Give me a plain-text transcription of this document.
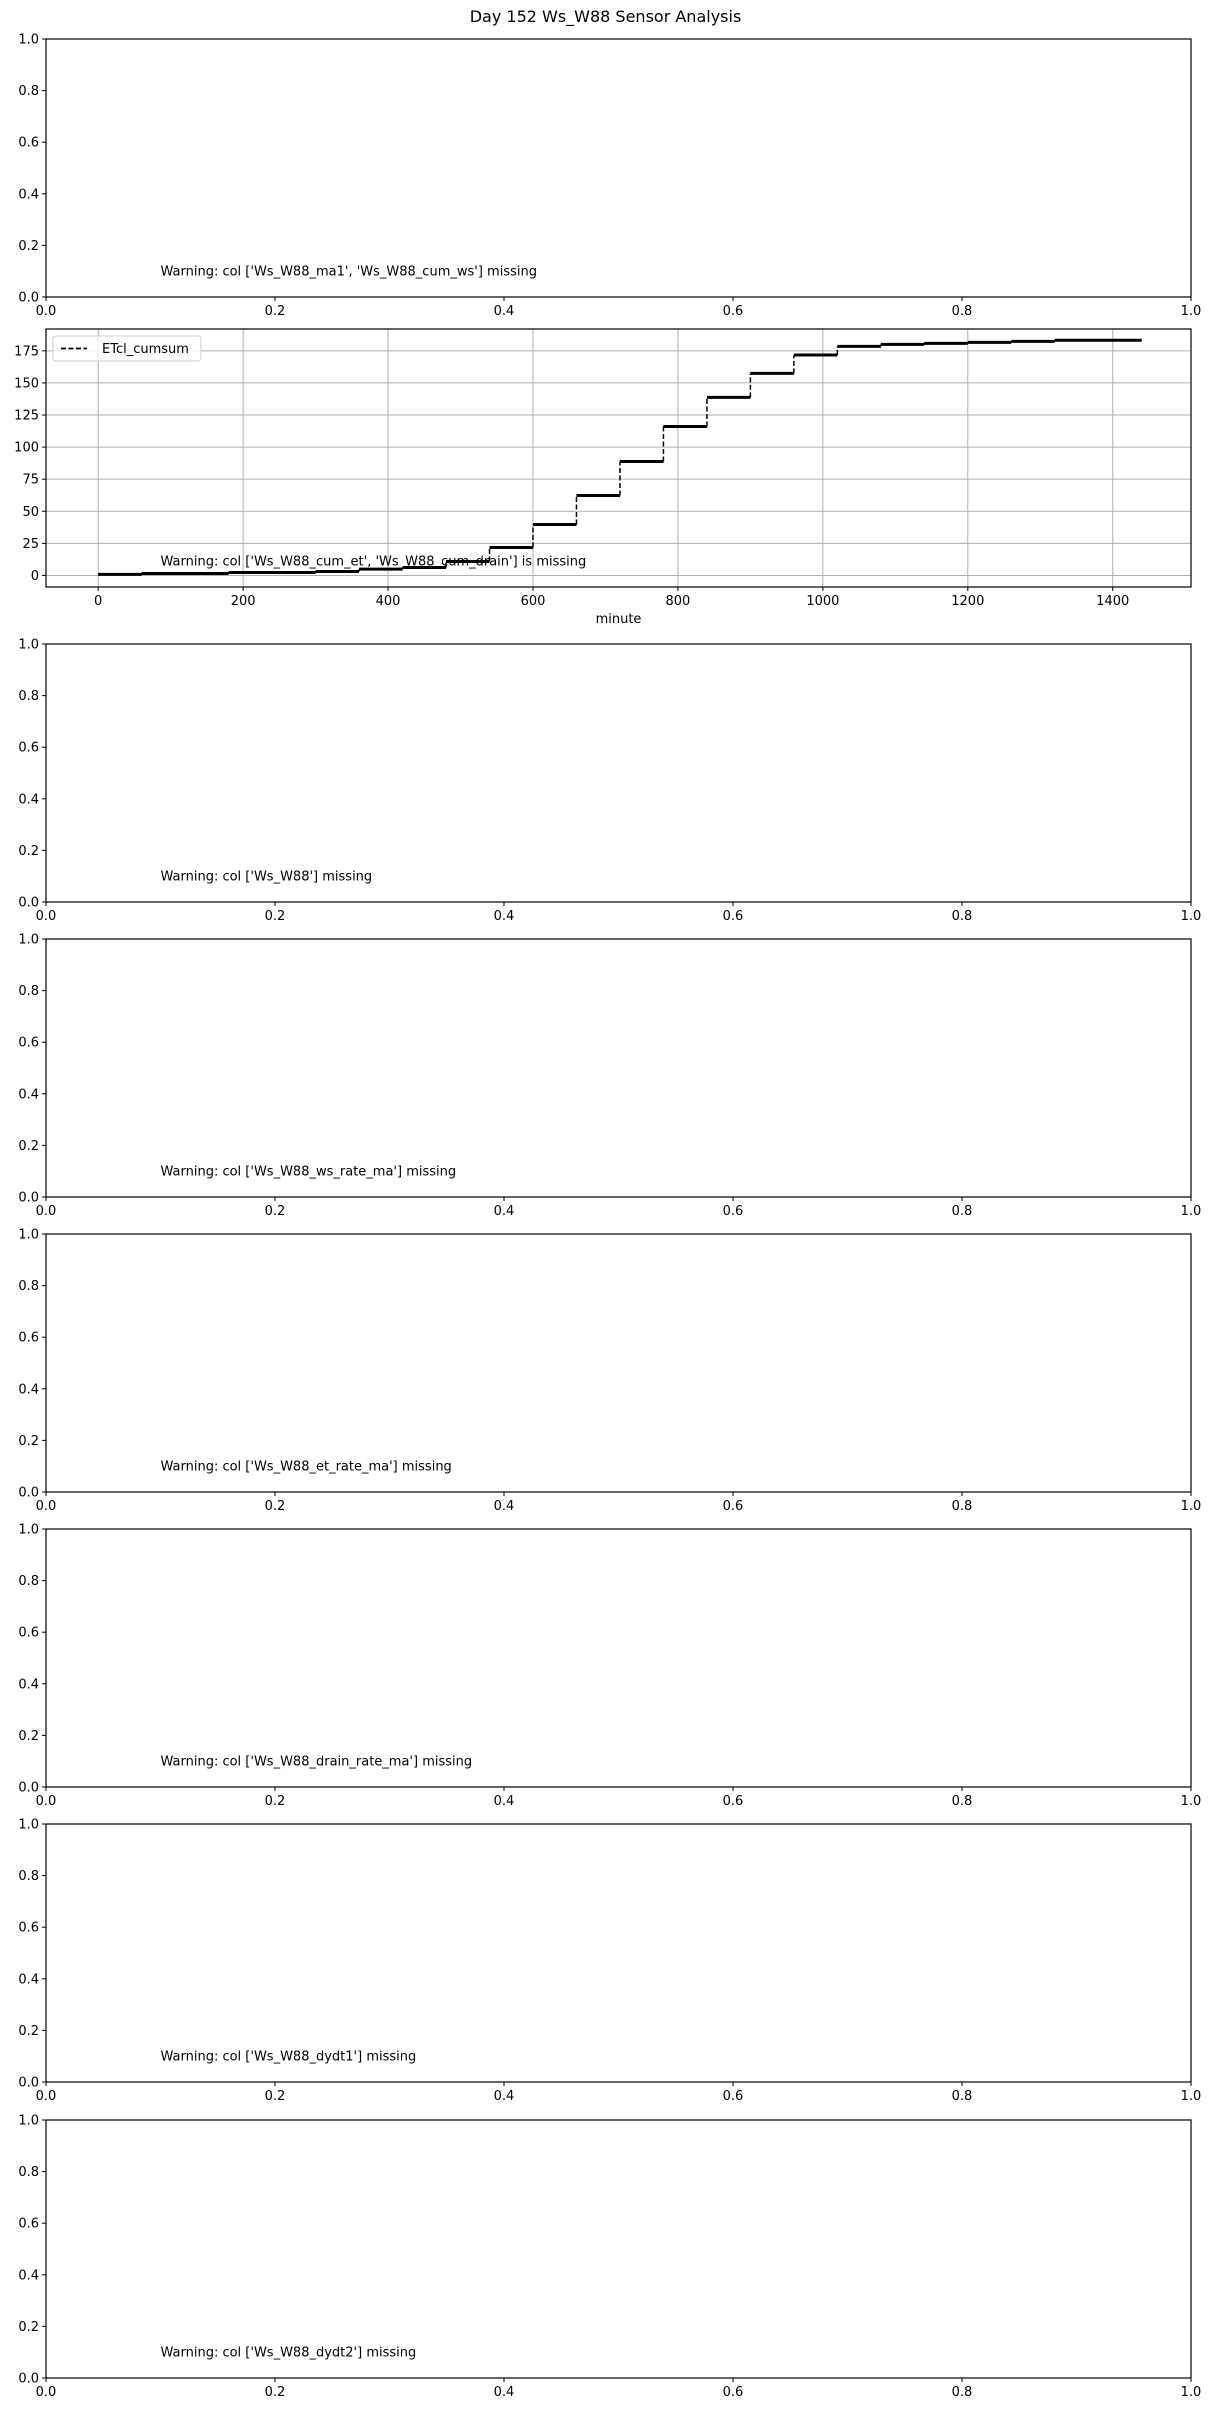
Day 152 Ws_W88 Sensor Analysis
0.0	0.2	0.4	0.6	0.8	1.0
0.0
0.2
0.4
0.6
0.8
1.0
Warning: col ['Ws_W88_ma1', 'Ws_W88_cum_ws'] missing
0	200	400	600	800	1000	1200	1400
0
25
50
75
100
125
150
175
Warning: col ['Ws_W88_cum_et', 'Ws_W88_cum_drain'] is missing
minute
ETcl_cumsum
0.0	0.2	0.4	0.6	0.8	1.0
0.0
0.2
0.4
0.6
0.8
1.0
Warning: col ['Ws_W88'] missing
0.0	0.2	0.4	0.6	0.8	1.0
0.0
0.2
0.4
0.6
0.8
1.0
Warning: col ['Ws_W88_ws_rate_ma'] missing
0.0	0.2	0.4	0.6	0.8	1.0
0.0
0.2
0.4
0.6
0.8
1.0
Warning: col ['Ws_W88_et_rate_ma'] missing
0.0	0.2	0.4	0.6	0.8	1.0
0.0
0.2
0.4
0.6
0.8
1.0
Warning: col ['Ws_W88_drain_rate_ma'] missing
0.0	0.2	0.4	0.6	0.8	1.0
0.0
0.2
0.4
0.6
0.8
1.0
Warning: col ['Ws_W88_dydt1'] missing
0.0	0.2	0.4	0.6	0.8	1.0
0.0
0.2
0.4
0.6
0.8
1.0
Warning: col ['Ws_W88_dydt2'] missing
